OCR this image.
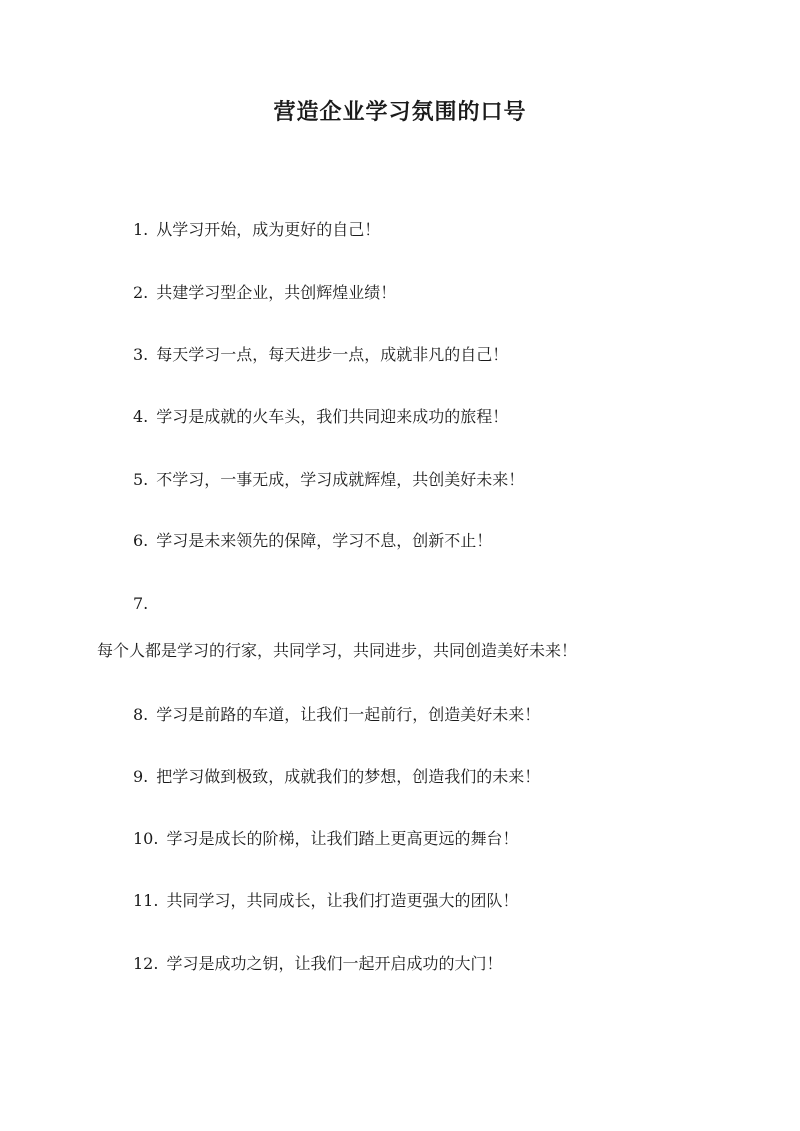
营造企业学习氛围的口号

1. 从学习开始，成为更好的自己！

2. 共建学习型企业，共创辉煌业绩！

3. 每天学习一点，每天进步一点，成就非凡的自己！

4. 学习是成就的火车头，我们共同迎来成功的旅程！

5. 不学习，一事无成，学习成就辉煌，共创美好未来！

6. 学习是未来领先的保障，学习不息，创新不止！

7.

每个人都是学习的行家，共同学习，共同进步，共同创造美好未来！

8. 学习是前路的车道，让我们一起前行，创造美好未来！

9. 把学习做到极致，成就我们的梦想，创造我们的未来！

10. 学习是成长的阶梯，让我们踏上更高更远的舞台！

11. 共同学习，共同成长，让我们打造更强大的团队！

12. 学习是成功之钥，让我们一起开启成功的大门！
